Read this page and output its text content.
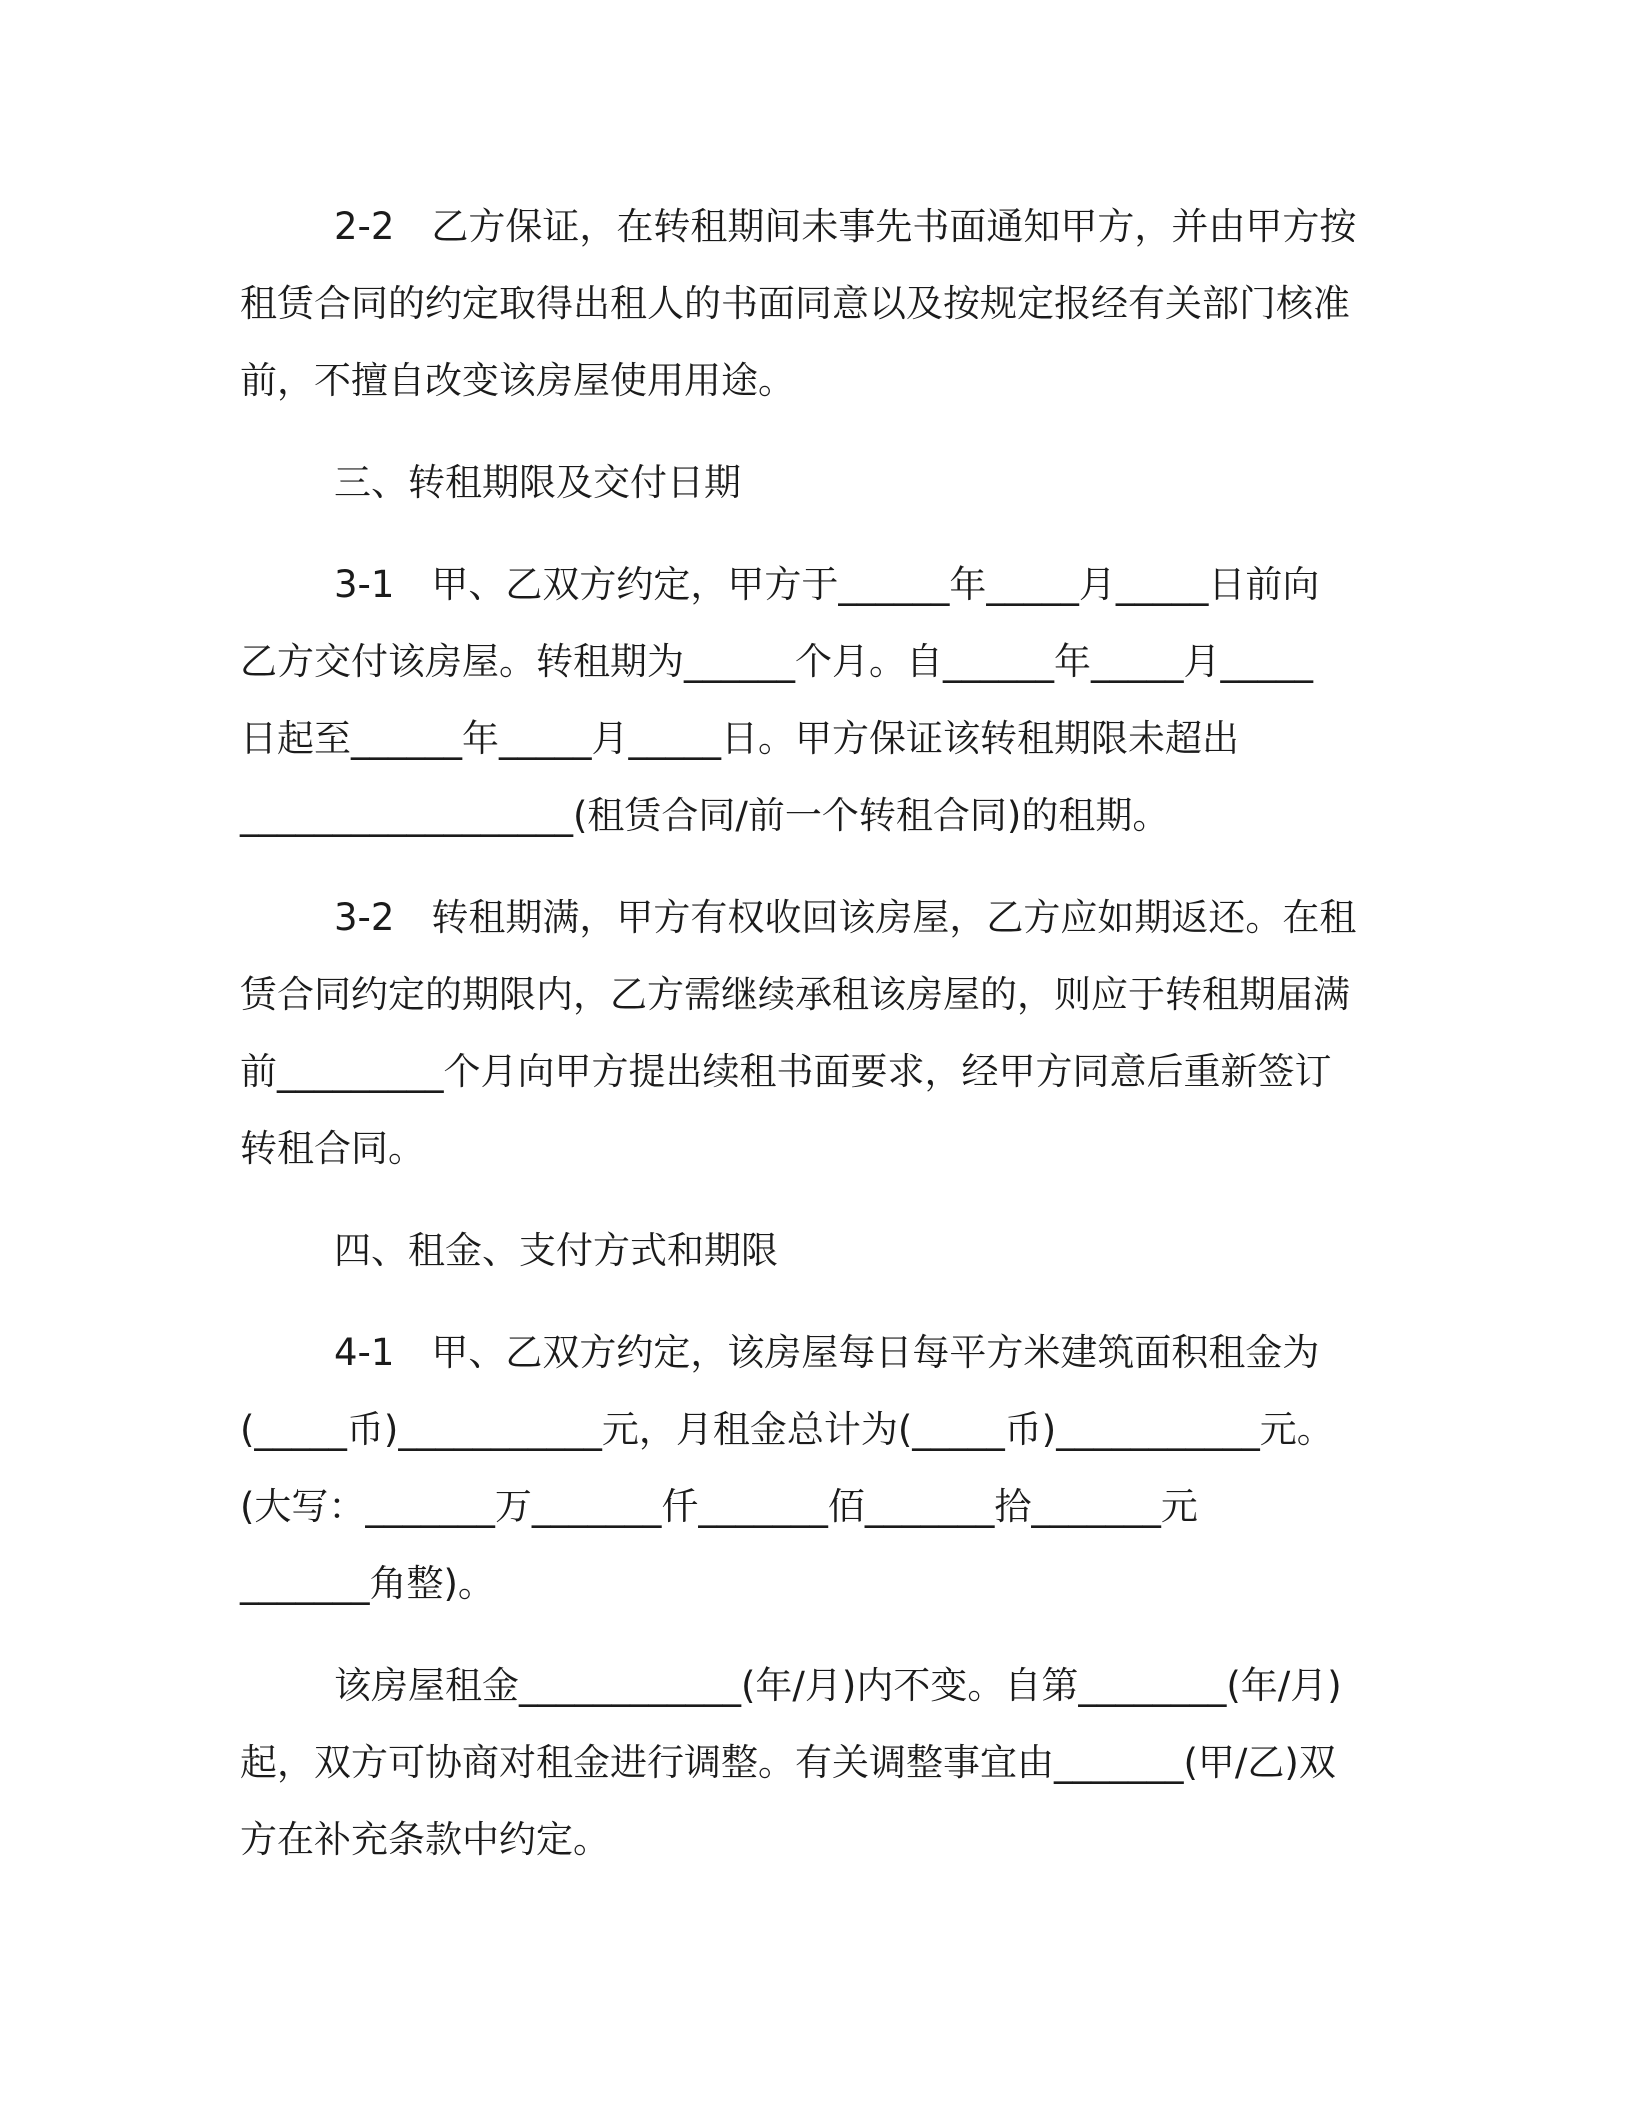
2-2　乙方保证，在转租期间未事先书面通知甲方，并由甲方按
租赁合同的约定取得出租人的书面同意以及按规定报经有关部门核准
前，不擅自改变该房屋使用用途。
三、转租期限及交付日期
3-1　甲、乙双方约定，甲方于______年_____月_____日前向
乙方交付该房屋。转租期为______个月。自______年_____月_____
日起至______年_____月_____日。甲方保证该转租期限未超出
__________________(租赁合同/前一个转租合同)的租期。
3-2　转租期满，甲方有权收回该房屋，乙方应如期返还。在租
赁合同约定的期限内，乙方需继续承租该房屋的，则应于转租期届满
前_________个月向甲方提出续租书面要求，经甲方同意后重新签订
转租合同。
四、租金、支付方式和期限
4-1　甲、乙双方约定，该房屋每日每平方米建筑面积租金为
(_____币)___________元，月租金总计为(_____币)___________元。
(大写：_______万_______仟_______佰_______拾_______元
_______角整)。
该房屋租金____________(年/月)内不变。自第________(年/月)
起，双方可协商对租金进行调整。有关调整事宜由_______(甲/乙)双
方在补充条款中约定。
